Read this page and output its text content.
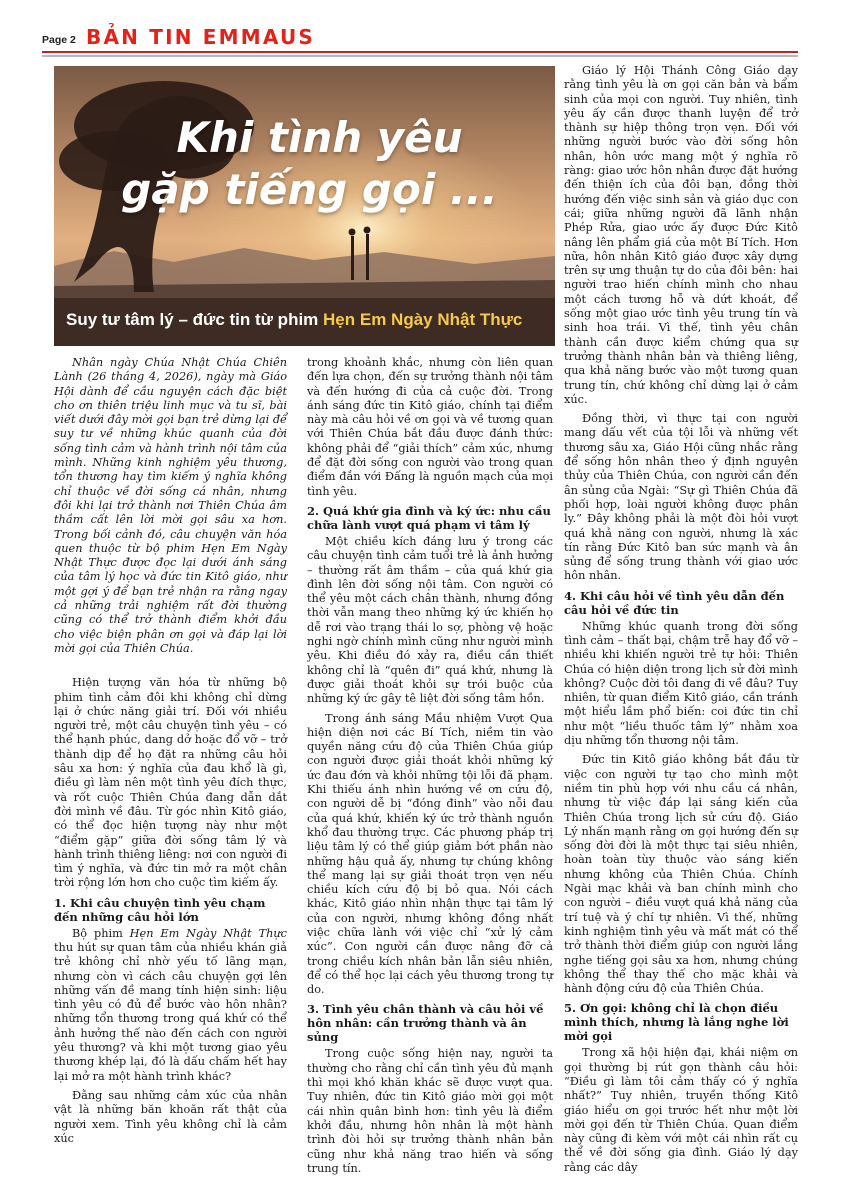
Page 2 BẢN TIN EMMAUS
Khi tình yêu
gặp tiếng gọi ...
Suy tư tâm lý – đức tin từ phim Hẹn Em Ngày Nhật Thực

Nhân ngày Chúa Nhật Chúa Chiên Lành (26 tháng 4, 2026), ngày mà Giáo Hội dành để cầu nguyện cách đặc biệt cho ơn thiên triệu linh mục và tu sĩ, bài viết dưới đây mời gọi bạn trẻ dừng lại để suy tư về những khúc quanh của đời sống tình cảm và hành trình nội tâm của mình. Những kinh nghiệm yêu thương, tổn thương hay tìm kiếm ý nghĩa không chỉ thuộc về đời sống cá nhân, nhưng đôi khi lại trở thành nơi Thiên Chúa âm thầm cất lên lời mời gọi sâu xa hơn. Trong bối cảnh đó, câu chuyện văn hóa quen thuộc từ bộ phim Hẹn Em Ngày Nhật Thực được đọc lại dưới ánh sáng của tâm lý học và đức tin Kitô giáo, như một gợi ý để bạn trẻ nhận ra rằng ngay cả những trải nghiệm rất đời thường cũng có thể trở thành điểm khởi đầu cho việc biện phân ơn gọi và đáp lại lời mời gọi của Thiên Chúa.

Hiện tượng văn hóa từ những bộ phim tình cảm đôi khi không chỉ dừng lại ở chức năng giải trí. Đối với nhiều người trẻ, một câu chuyện tình yêu – có thể hạnh phúc, dang dở hoặc đổ vỡ – trở thành dịp để họ đặt ra những câu hỏi sâu xa hơn: ý nghĩa của đau khổ là gì, điều gì làm nên một tình yêu đích thực, và rốt cuộc Thiên Chúa đang dẫn dắt đời mình về đâu. Từ góc nhìn Kitô giáo, có thể đọc hiện tượng này như một “điểm gặp” giữa đời sống tâm lý và hành trình thiêng liêng: nơi con người đi tìm ý nghĩa, và đức tin mở ra một chân trời rộng lớn hơn cho cuộc tìm kiếm ấy.

1. Khi câu chuyện tình yêu chạm đến những câu hỏi lớn

Bộ phim Hẹn Em Ngày Nhật Thực thu hút sự quan tâm của nhiều khán giả trẻ không chỉ nhờ yếu tố lãng mạn, nhưng còn vì cách câu chuyện gợi lên những vấn đề mang tính hiện sinh: liệu tình yêu có đủ để bước vào hôn nhân? những tổn thương trong quá khứ có thể ảnh hưởng thế nào đến cách con người yêu thương? và khi một tương giao yêu thương khép lại, đó là dấu chấm hết hay lại mở ra một hành trình khác?

Đằng sau những cảm xúc của nhân vật là những băn khoăn rất thật của người xem. Tình yêu không chỉ là cảm xúc

trong khoảnh khắc, nhưng còn liên quan đến lựa chọn, đến sự trưởng thành nội tâm và đến hướng đi của cả cuộc đời. Trong ánh sáng đức tin Kitô giáo, chính tại điểm này mà câu hỏi về ơn gọi và về tương quan với Thiên Chúa bắt đầu được đánh thức: không phải để “giải thích” cảm xúc, nhưng để đặt đời sống con người vào trong quan điểm đắn với Đấng là nguồn mạch của mọi tình yêu.

2. Quá khứ gia đình và ký ức: nhu cầu chữa lành vượt quá phạm vi tâm lý

Một chiều kích đáng lưu ý trong các câu chuyện tình cảm tuổi trẻ là ảnh hưởng – thường rất âm thầm – của quá khứ gia đình lên đời sống nội tâm. Con người có thể yêu một cách chân thành, nhưng đồng thời vẫn mang theo những ký ức khiến họ dễ rơi vào trạng thái lo sợ, phòng vệ hoặc nghi ngờ chính mình cũng như người mình yêu. Khi điều đó xảy ra, điều cần thiết không chỉ là “quên đi” quá khứ, nhưng là được giải thoát khỏi sự trói buộc của những ký ức gây tê liệt đời sống tâm hồn.

Trong ánh sáng Mầu nhiệm Vượt Qua hiện diện nơi các Bí Tích, niềm tin vào quyền năng cứu độ của Thiên Chúa giúp con người được giải thoát khỏi những ký ức đau đớn và khỏi những tội lỗi đã phạm. Khi thiếu ánh nhìn hướng về ơn cứu độ, con người dễ bị “đóng đinh” vào nỗi đau của quá khứ, khiến ký ức trở thành nguồn khổ đau thường trực. Các phương pháp trị liệu tâm lý có thể giúp giảm bớt phần nào những hậu quả ấy, nhưng tự chúng không thể mang lại sự giải thoát trọn vẹn nếu chiều kích cứu độ bị bỏ qua. Nói cách khác, Kitô giáo nhìn nhận thực tại tâm lý của con người, nhưng không đồng nhất việc chữa lành với việc chỉ “xử lý cảm xúc”. Con người cần được nâng đỡ cả trong chiều kích nhân bản lẫn siêu nhiên, để có thể học lại cách yêu thương trong tự do.

3. Tình yêu chân thành và câu hỏi về hôn nhân: cần trưởng thành và ân sủng

Trong cuộc sống hiện nay, người ta thường cho rằng chỉ cần tình yêu đủ mạnh thì mọi khó khăn khác sẽ được vượt qua. Tuy nhiên, đức tin Kitô giáo mời gọi một cái nhìn quân bình hơn: tình yêu là điểm khởi đầu, nhưng hôn nhân là một hành trình đòi hỏi sự trưởng thành nhân bản cũng như khả năng trao hiến và sống trung tín.

Giáo lý Hội Thánh Công Giáo dạy rằng tình yêu là ơn gọi căn bản và bẩm sinh của mọi con người. Tuy nhiên, tình yêu ấy cần được thanh luyện để trở thành sự hiệp thông trọn vẹn. Đối với những người bước vào đời sống hôn nhân, hôn ước mang một ý nghĩa rõ ràng: giao ước hôn nhân được đặt hướng đến thiện ích của đôi bạn, đồng thời hướng đến việc sinh sản và giáo dục con cái; giữa những người đã lãnh nhận Phép Rửa, giao ước ấy được Đức Kitô nâng lên phẩm giá của một Bí Tích. Hơn nữa, hôn nhân Kitô giáo được xây dựng trên sự ưng thuận tự do của đôi bên: hai người trao hiến chính mình cho nhau một cách tương hỗ và dứt khoát, để sống một giao ước tình yêu trung tín và sinh hoa trái. Vì thế, tình yêu chân thành cần được kiểm chứng qua sự trưởng thành nhân bản và thiêng liêng, qua khả năng bước vào một tương quan trung tín, chứ không chỉ dừng lại ở cảm xúc.

Đồng thời, vì thực tại con người mang dấu vết của tội lỗi và những vết thương sâu xa, Giáo Hội cũng nhắc rằng để sống hôn nhân theo ý định nguyên thủy của Thiên Chúa, con người cần đến ân sủng của Ngài: “Sự gì Thiên Chúa đã phối hợp, loài người không được phân ly.” Đây không phải là một đòi hỏi vượt quá khả năng con người, nhưng là xác tín rằng Đức Kitô ban sức mạnh và ân sủng để sống trung thành với giao ước hôn nhân.

4. Khi câu hỏi về tình yêu dẫn đến câu hỏi về đức tin

Những khúc quanh trong đời sống tình cảm – thất bại, chậm trễ hay đổ vỡ – nhiều khi khiến người trẻ tự hỏi: Thiên Chúa có hiện diện trong lịch sử đời mình không? Cuộc đời tôi đang đi về đâu? Tuy nhiên, từ quan điểm Kitô giáo, cần tránh một hiểu lầm phổ biến: coi đức tin chỉ như một “liều thuốc tâm lý” nhằm xoa dịu những tổn thương nội tâm.

Đức tin Kitô giáo không bắt đầu từ việc con người tự tạo cho mình một niềm tin phù hợp với nhu cầu cá nhân, nhưng từ việc đáp lại sáng kiến của Thiên Chúa trong lịch sử cứu độ. Giáo Lý nhấn mạnh rằng ơn gọi hướng đến sự sống đời đời là một thực tại siêu nhiên, hoàn toàn tùy thuộc vào sáng kiến nhưng không của Thiên Chúa. Chính Ngài mạc khải và ban chính mình cho con người – điều vượt quá khả năng của trí tuệ và ý chí tự nhiên. Vì thế, những kinh nghiệm tình yêu và mất mát có thể trở thành thời điểm giúp con người lắng nghe tiếng gọi sâu xa hơn, nhưng chúng không thể thay thế cho mặc khải và hành động cứu độ của Thiên Chúa.

5. Ơn gọi: không chỉ là chọn điều mình thích, nhưng là lắng nghe lời mời gọi

Trong xã hội hiện đại, khái niệm ơn gọi thường bị rút gọn thành câu hỏi: “Điều gì làm tôi cảm thấy có ý nghĩa nhất?” Tuy nhiên, truyền thống Kitô giáo hiểu ơn gọi trước hết như một lời mời gọi đến từ Thiên Chúa. Quan điểm này cũng đi kèm với một cái nhìn rất cụ thể về đời sống gia đình. Giáo lý dạy rằng các dây
